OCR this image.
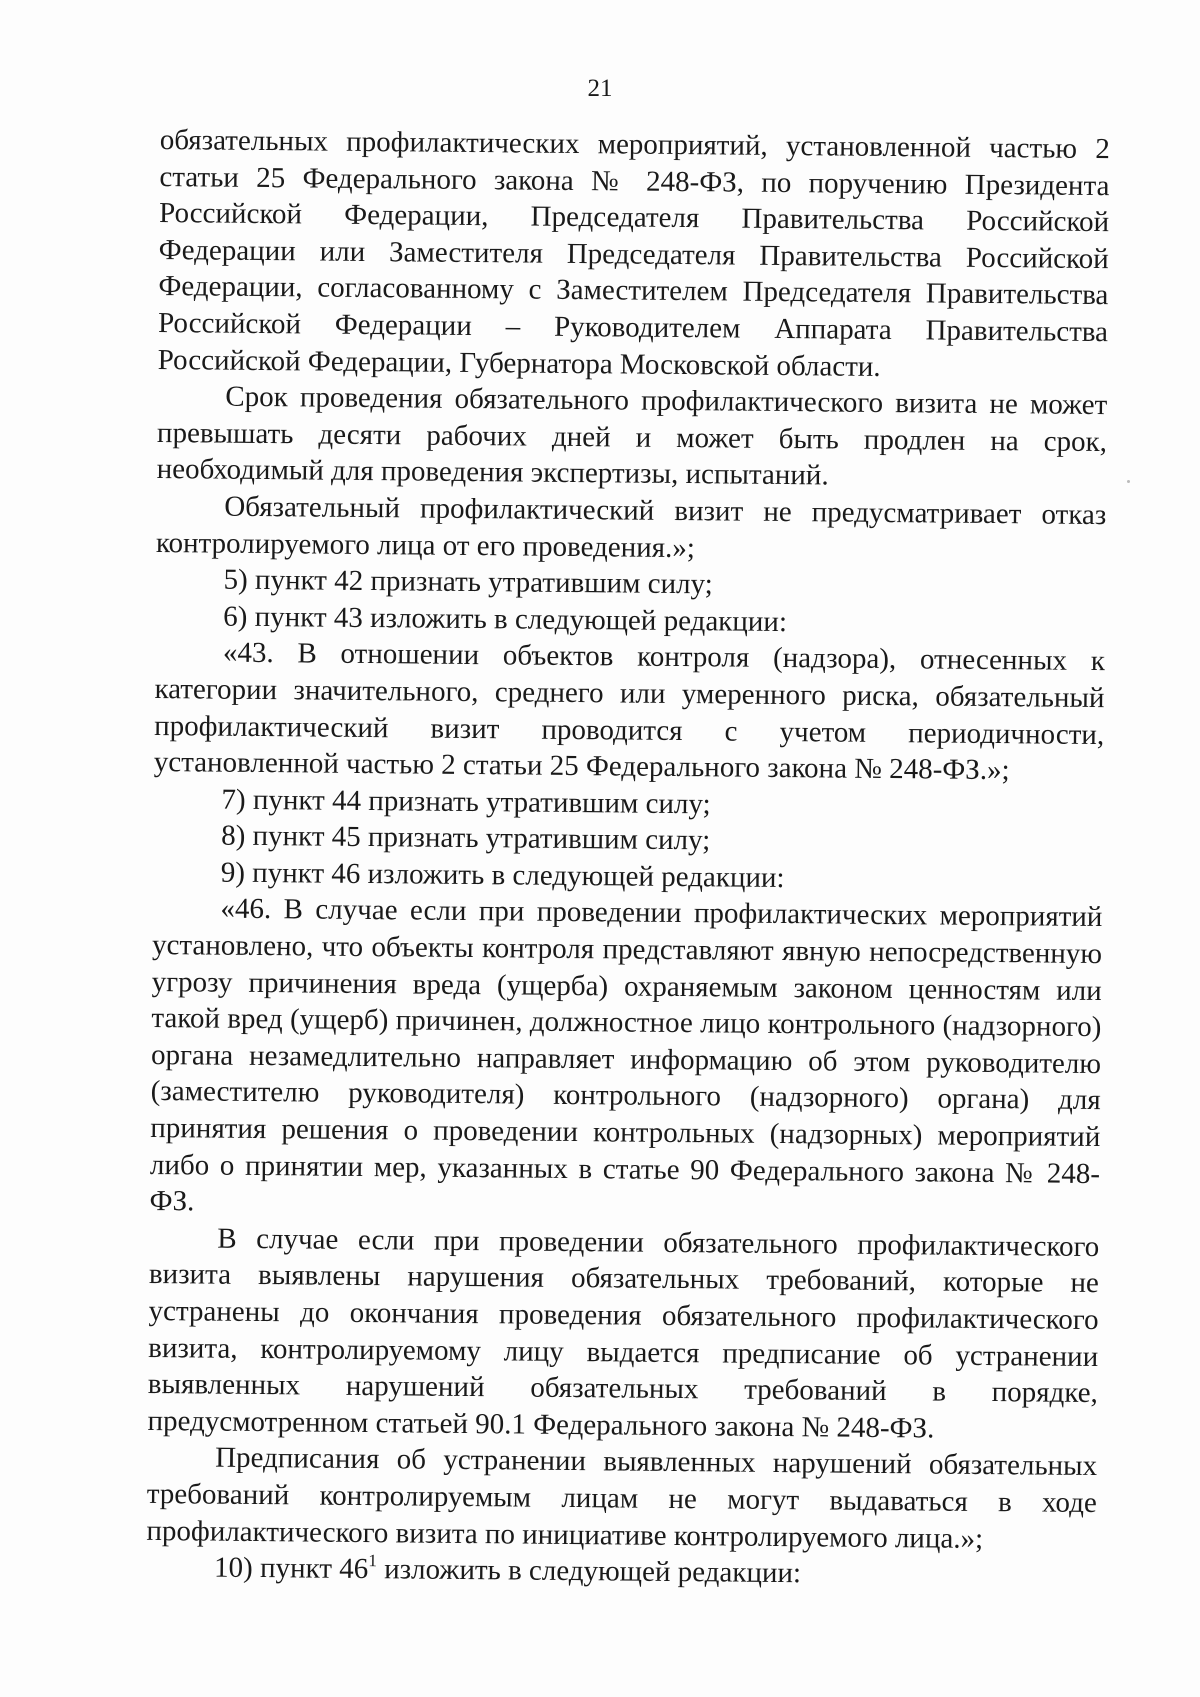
21

обязательных профилактических мероприятий, установленной частью 2 статьи 25 Федерального закона № 248-ФЗ, по поручению Президента Российской Федерации, Председателя Правительства Российской Федерации или Заместителя Председателя Правительства Российской Федерации, согласованному с Заместителем Председателя Правительства Российской Федерации – Руководителем Аппарата Правительства Российской Федерации, Губернатора Московской области.

Срок проведения обязательного профилактического визита не может превышать десяти рабочих дней и может быть продлен на срок, необходимый для проведения экспертизы, испытаний.

Обязательный профилактический визит не предусматривает отказ контролируемого лица от его проведения.»;

5) пункт 42 признать утратившим силу;

6) пункт 43 изложить в следующей редакции:

«43. В отношении объектов контроля (надзора), отнесенных к категории значительного, среднего или умеренного риска, обязательный профилактический визит проводится с учетом периодичности, установленной частью 2 статьи 25 Федерального закона № 248-ФЗ.»;

7) пункт 44 признать утратившим силу;

8) пункт 45 признать утратившим силу;

9) пункт 46 изложить в следующей редакции:

«46. В случае если при проведении профилактических мероприятий установлено, что объекты контроля представляют явную непосредственную угрозу причинения вреда (ущерба) охраняемым законом ценностям или такой вред (ущерб) причинен, должностное лицо контрольного (надзорного) органа незамедлительно направляет информацию об этом руководителю (заместителю руководителя) контрольного (надзорного) органа) для принятия решения о проведении контрольных (надзорных) мероприятий либо о принятии мер, указанных в статье 90 Федерального закона № 248-ФЗ.

В случае если при проведении обязательного профилактического визита выявлены нарушения обязательных требований, которые не устранены до окончания проведения обязательного профилактического визита, контролируемому лицу выдается предписание об устранении выявленных нарушений обязательных требований в порядке, предусмотренном статьей 90.1 Федерального закона № 248-ФЗ.

Предписания об устранении выявленных нарушений обязательных требований контролируемым лицам не могут выдаваться в ходе профилактического визита по инициативе контролируемого лица.»;

10) пункт $46^1$ изложить в следующей редакции:
